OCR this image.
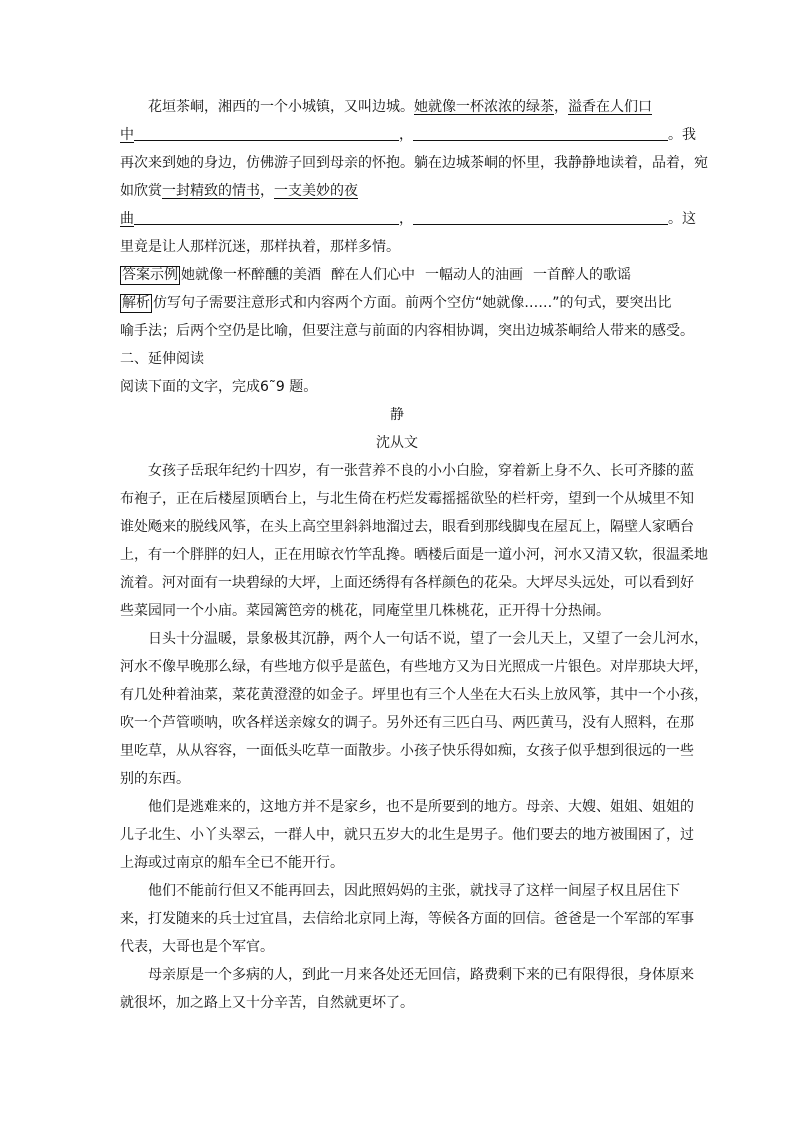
花垣茶峒，湘西的一个小城镇，又叫边城。她就像一杯浓浓的绿茶，溢香在人们口
中	，	。我
再次来到她的身边，仿佛游子回到母亲的怀抱。躺在边城茶峒的怀里，我静静地读着，品着，宛
如欣赏一封精致的情书，一支美妙的夜
曲	，	。这
里竟是让人那样沉迷，那样执着，那样多情。
答案示例 她就像一杯醉醺的美酒 醉在人们心中 一幅动人的油画 一首醉人的歌谣
解析 仿写句子需要注意形式和内容两个方面。前两个空仿“她就像……”的句式，要突出比
喻手法；后两个空仍是比喻，但要注意与前面的内容相协调，突出边城茶峒给人带来的感受。
二、延伸阅读
阅读下面的文字，完成6˜9 题。
静
沈从文
女孩子岳珉年纪约十四岁，有一张营养不良的小小白脸，穿着新上身不久、长可齐膝的蓝
布袍子，正在后楼屋顶晒台上，与北生倚在朽烂发霉摇摇欲坠的栏杆旁，望到一个从城里不知
谁处飏来的脱线风筝，在头上高空里斜斜地溜过去，眼看到那线脚曳在屋瓦上，隔壁人家晒台
上，有一个胖胖的妇人，正在用晾衣竹竿乱搀。晒楼后面是一道小河，河水又清又软，很温柔地
流着。河对面有一块碧绿的大坪，上面还绣得有各样颜色的花朵。大坪尽头远处，可以看到好
些菜园同一个小庙。菜园篱笆旁的桃花，同庵堂里几株桃花，正开得十分热闹。
日头十分温暖，景象极其沉静，两个人一句话不说，望了一会儿天上，又望了一会儿河水，
河水不像早晚那么绿，有些地方似乎是蓝色，有些地方又为日光照成一片银色。对岸那块大坪，
有几处种着油菜，菜花黄澄澄的如金子。坪里也有三个人坐在大石头上放风筝，其中一个小孩，
吹一个芦管唢呐，吹各样送亲嫁女的调子。另外还有三匹白马、两匹黄马，没有人照料，在那
里吃草，从从容容，一面低头吃草一面散步。小孩子快乐得如痴，女孩子似乎想到很远的一些
别的东西。
他们是逃难来的，这地方并不是家乡，也不是所要到的地方。母亲、大嫂、姐姐、姐姐的
儿子北生、小丫头翠云，一群人中，就只五岁大的北生是男子。他们要去的地方被围困了，过
上海或过南京的船车全已不能开行。
他们不能前行但又不能再回去，因此照妈妈的主张，就找寻了这样一间屋子权且居住下
来，打发随来的兵士过宜昌，去信给北京同上海，等候各方面的回信。爸爸是一个军部的军事
代表，大哥也是个军官。
母亲原是一个多病的人，到此一月来各处还无回信，路费剩下来的已有限得很，身体原来
就很坏，加之路上又十分辛苦，自然就更坏了。
